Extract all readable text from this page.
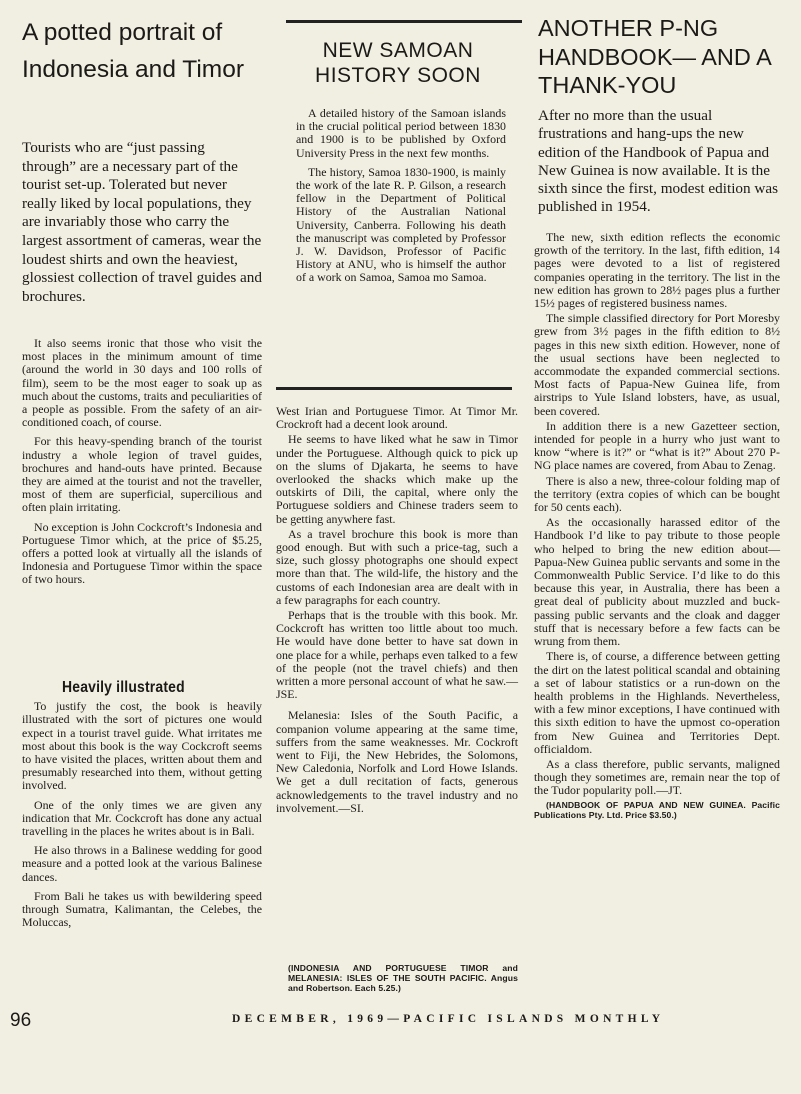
A potted portrait of Indonesia and Timor

Tourists who are “just passing through” are a necessary part of the tourist set-up. Tolerated but never really liked by local populations, they are invariably those who carry the largest assortment of cameras, wear the loudest shirts and own the heaviest, glossiest collection of travel guides and brochures.

It also seems ironic that those who visit the most places in the minimum amount of time (around the world in 30 days and 100 rolls of film), seem to be the most eager to soak up as much about the customs, traits and peculiarities of a people as possible. From the safety of an air-conditioned coach, of course.

For this heavy-spending branch of the tourist industry a whole legion of travel guides, brochures and hand-outs have printed. Because they are aimed at the tourist and not the traveller, most of them are superficial, supercilious and often plain irritating.

No exception is John Cockcroft’s Indonesia and Portuguese Timor which, at the price of $5.25, offers a potted look at virtually all the islands of Indonesia and Portuguese Timor within the space of two hours.

Heavily illustrated

To justify the cost, the book is heavily illustrated with the sort of pictures one would expect in a tourist travel guide. What irritates me most about this book is the way Cockcroft seems to have visited the places, written about them and presumably researched into them, without getting involved.

One of the only times we are given any indication that Mr. Cockcroft has done any actual travelling in the places he writes about is in Bali.

He also throws in a Balinese wedding for good measure and a potted look at the various Balinese dances.

From Bali he takes us with bewildering speed through Sumatra, Kalimantan, the Celebes, the Moluccas,

NEW SAMOAN HISTORY SOON

A detailed history of the Samoan islands in the crucial political period between 1830 and 1900 is to be published by Oxford University Press in the next few months.

The history, Samoa 1830-1900, is mainly the work of the late R. P. Gilson, a research fellow in the Department of Political History of the Australian National University, Canberra. Following his death the manuscript was completed by Professor J. W. Davidson, Professor of Pacific History at ANU, who is himself the author of a work on Samoa, Samoa mo Samoa.

West Irian and Portuguese Timor. At Timor Mr. Crockroft had a decent look around.

He seems to have liked what he saw in Timor under the Portuguese. Although quick to pick up on the slums of Djakarta, he seems to have overlooked the shacks which make up the outskirts of Dili, the capital, where only the Portuguese soldiers and Chinese traders seem to be getting anywhere fast.

As a travel brochure this book is more than good enough. But with such a price-tag, such a size, such glossy photographs one should expect more than that. The wild-life, the history and the customs of each Indonesian area are dealt with in a few paragraphs for each country.

Perhaps that is the trouble with this book. Mr. Cockcroft has written too little about too much. He would have done better to have sat down in one place for a while, perhaps even talked to a few of the people (not the travel chiefs) and then written a more personal account of what he saw.—JSE.

Melanesia: Isles of the South Pacific, a companion volume appearing at the same time, suffers from the same weaknesses. Mr. Cockroft went to Fiji, the New Hebrides, the Solomons, New Caledonia, Norfolk and Lord Howe Islands. We get a dull recitation of facts, generous acknowledgements to the travel industry and no involvement.—SI.

(INDONESIA AND PORTUGUESE TIMOR and MELANESIA: ISLES OF THE SOUTH PACIFIC. Angus and Robertson. Each 5.25.)

ANOTHER P-NG HANDBOOK— AND A THANK-YOU

After no more than the usual frustrations and hang-ups the new edition of the Handbook of Papua and New Guinea is now available. It is the sixth since the first, modest edition was published in 1954.

The new, sixth edition reflects the economic growth of the territory. In the last, fifth edition, 14 pages were devoted to a list of registered companies operating in the territory. The list in the new edition has grown to 28½ pages plus a further 15½ pages of registered business names.

The simple classified directory for Port Moresby grew from 3½ pages in the fifth edition to 8½ pages in this new sixth edition. However, none of the usual sections have been neglected to accommodate the expanded commercial sections. Most facts of Papua-New Guinea life, from airstrips to Yule Island lobsters, have, as usual, been covered.

In addition there is a new Gazetteer section, intended for people in a hurry who just want to know “where is it?” or “what is it?” About 270 P-NG place names are covered, from Abau to Zenag.

There is also a new, three-colour folding map of the territory (extra copies of which can be bought for 50 cents each).

As the occasionally harassed editor of the Handbook I’d like to pay tribute to those people who helped to bring the new edition about—Papua-New Guinea public servants and some in the Commonwealth Public Service. I’d like to do this because this year, in Australia, there has been a great deal of publicity about muzzled and buck-passing public servants and the cloak and dagger stuff that is necessary before a few facts can be wrung from them.

There is, of course, a difference between getting the dirt on the latest political scandal and obtaining a set of labour statistics or a run-down on the health problems in the Highlands. Nevertheless, with a few minor exceptions, I have continued with this sixth edition to have the upmost co-operation from New Guinea and Territories Dept. officialdom.

As a class therefore, public servants, maligned though they sometimes are, remain near the top of the Tudor popularity poll.—JT.

(HANDBOOK OF PAPUA AND NEW GUINEA. Pacific Publications Pty. Ltd. Price $3.50.)

96	DECEMBER, 1969—PACIFIC ISLANDS MONTHLY
